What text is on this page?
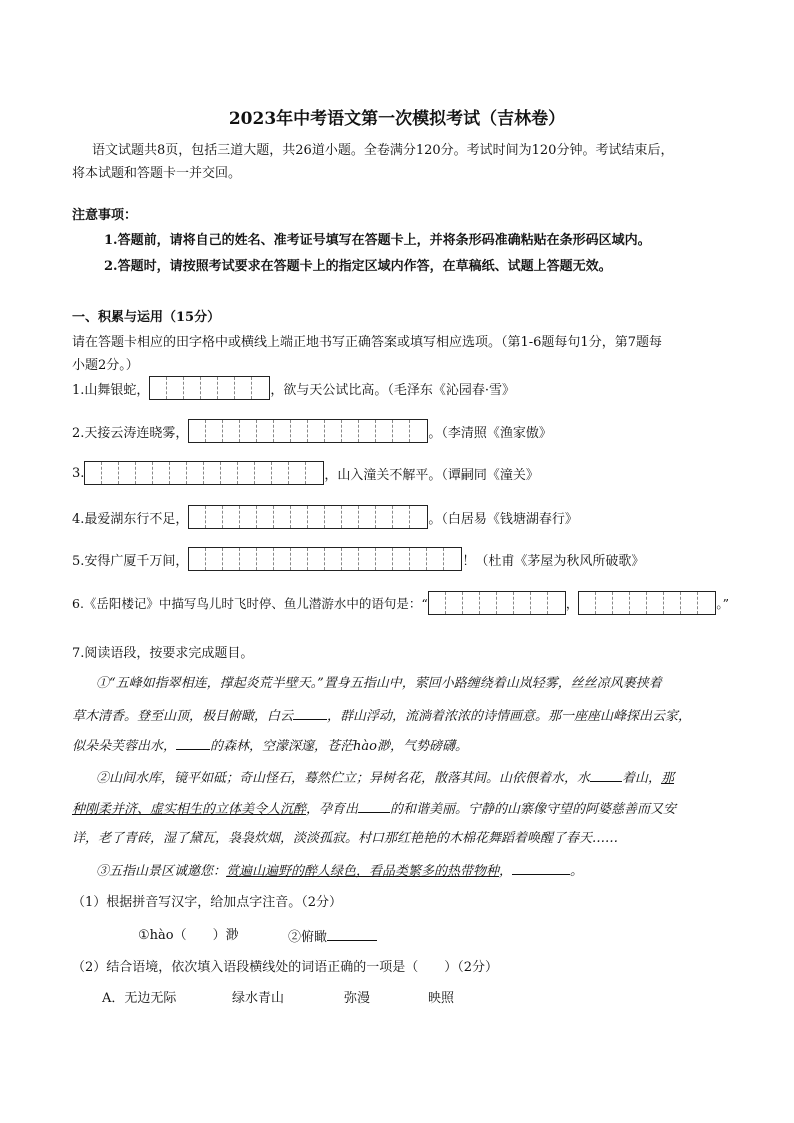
2023年中考语文第一次模拟考试（吉林卷）
语文试题共8页，包括三道大题，共26道小题。全卷满分120分。考试时间为120分钟。考试结束后，
将本试题和答题卡一并交回。
注意事项：
1.答题前，请将自己的姓名、准考证号填写在答题卡上，并将条形码准确粘贴在条形码区域内。
2.答题时，请按照考试要求在答题卡上的指定区域内作答，在草稿纸、试题上答题无效。
一、积累与运用（15分）
请在答题卡相应的田字格中或横线上端正地书写正确答案或填写相应选项。（第1-6题每句1分，第7题每
小题2分。）
1.山舞银蛇，	，欲与天公试比高。（毛泽东《沁园春·雪》
2.天接云涛连晓雾，	。（李清照《渔家傲》
3.	，山入潼关不解平。（谭嗣同《潼关》
4.最爱湖东行不足，	。（白居易《钱塘湖春行》
5.安得广厦千万间，	！（杜甫《茅屋为秋风所破歌》
6.《岳阳楼记》中描写鸟儿时飞时停、鱼儿潜游水中的语句是：“	，	。”
7.阅读语段，按要求完成题目。
①“五峰如指翠相连，撑起炎荒半壁天。”置身五指山中，萦回小路缠绕着山岚轻雾，丝丝凉风裹挟着
草木清香。登至山顶，极目俯瞰，白云	，群山浮动，流淌着浓浓的诗情画意。那一座座山峰探出云家，
似朵朵芙蓉出水，	的森林，空濛深邃，苍茫hào渺，气势磅礴。
②山间水库，镜平如砥；奇山怪石，蓦然伫立；异树名花，散落其间。山依偎着水，水 着山，那
种刚柔并济、虚实相生的立体美令人沉醉，孕育出 的和谐美丽。宁静的山寨像守望的阿婆慈善而又安
详，老了青砖，湿了黛瓦，袅袅炊烟，淡淡孤寂。村口那红艳艳的木棉花舞蹈着唤醒了春天……
③五指山景区诚邀您：赏遍山遍野的醉人绿色，看品类繁多的热带物种，	。
（1）根据拼音写汉字，给加点字注音。（2分）
①hào（　　）渺	②俯瞰
（2）结合语境，依次填入语段横线处的词语正确的一项是（　　）（2分）
A．无边无际	绿水青山	弥漫	映照
